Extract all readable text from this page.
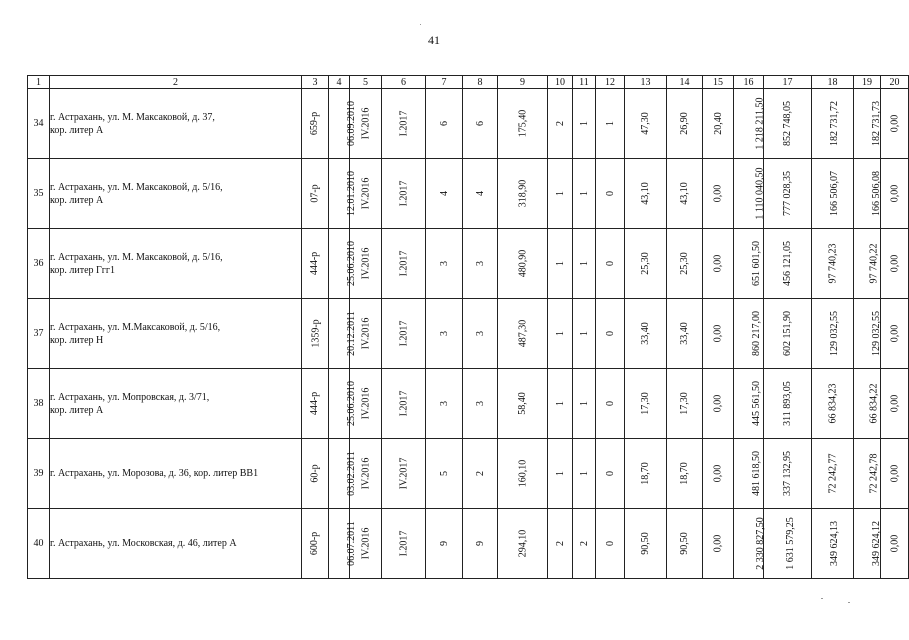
41
1	2	3	4	5	6	7	8	9	10	11	12	13	14	15	16	17	18	19	20
34	г. Астрахань, ул. М. Максаковой, д. 37,
кор. литер А	659-р	06.09.2010	IV.2016	I.2017	6	6	175,40	2	1	1	47,30	26,90	20,40	1 218 211,50	852 748,05	182 731,72	182 731,73	0,00
35	г. Астрахань, ул. М. Максаковой, д. 5/16,
кор. литер А	07-р	12.01.2010	IV.2016	I.2017	4	4	318,90	1	1	0	43,10	43,10	0,00	1 110 040,50	777 028,35	166 506,07	166 506,08	0,00
36	г. Астрахань, ул. М. Максаковой, д. 5/16,
кор. литер Ггг1	444-р	25.06.2010	IV.2016	I.2017	3	3	480,90	1	1	0	25,30	25,30	0,00	651 601,50	456 121,05	97 740,23	97 740,22	0,00
37	г. Астрахань, ул. М.Максаковой, д. 5/16,
кор. литер Н	1359-р	20.12.2011	IV.2016	I.2017	3	3	487,30	1	1	0	33,40	33,40	0,00	860 217,00	602 151,90	129 032,55	129 032,55	0,00
38	г. Астрахань, ул. Мопровская, д. 3/71,
кор. литер А	444-р	25.06.2010	IV.2016	I.2017	3	3	58,40	1	1	0	17,30	17,30	0,00	445 561,50	311 893,05	66 834,23	66 834,22	0,00
39	г. Астрахань, ул. Морозова, д. 36, кор. литер ВВ1	60-р	03.02.2011	IV.2016	IV.2017	5	2	160,10	1	1	0	18,70	18,70	0,00	481 618,50	337 132,95	72 242,77	72 242,78	0,00
40	г. Астрахань, ул. Московская, д. 46, литер А	600-р	06.07.2011	IV.2016	I.2017	9	9	294,10	2	2	0	90,50	90,50	0,00	2 330 827,50	1 631 579,25	349 624,13	349 624,12	0,00
